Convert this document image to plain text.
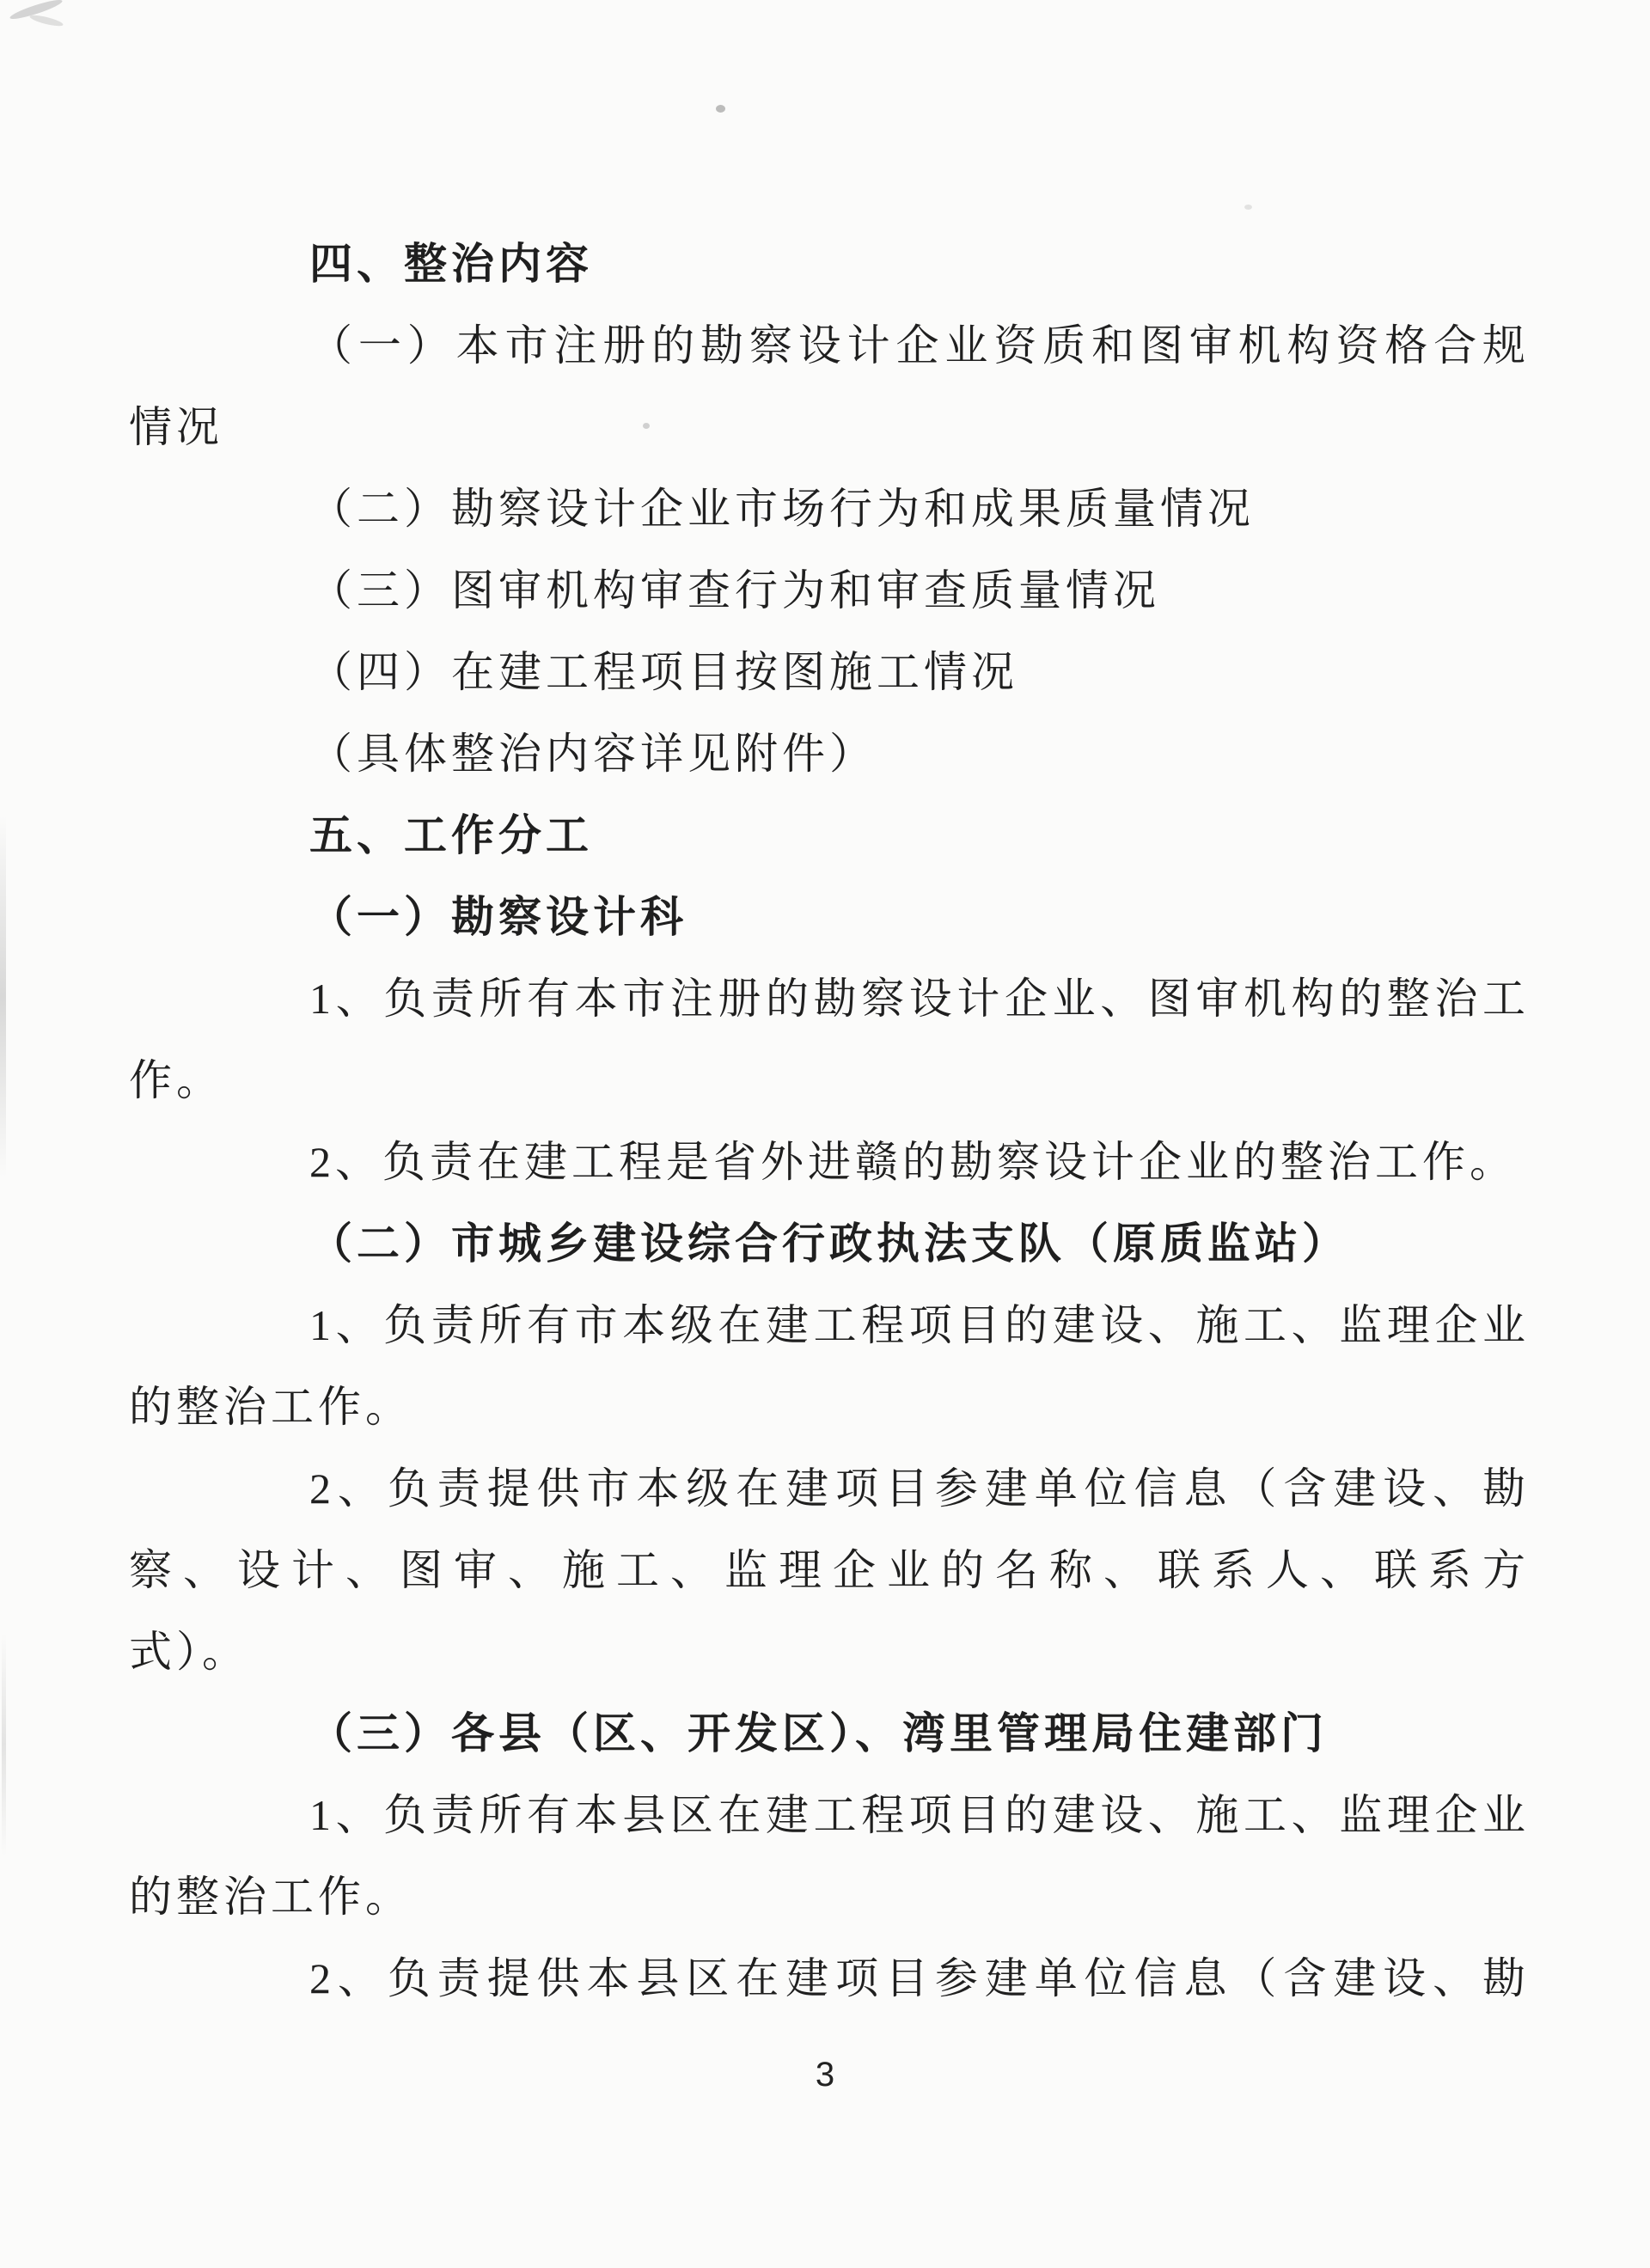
四、整治内容
（一）本市注册的勘察设计企业资质和图审机构资格合规
情况
（二）勘察设计企业市场行为和成果质量情况
（三）图审机构审查行为和审查质量情况
（四）在建工程项目按图施工情况
（具体整治内容详见附件）
五、工作分工
（一）勘察设计科
1、负责所有本市注册的勘察设计企业、图审机构的整治工
作。
2、负责在建工程是省外进赣的勘察设计企业的整治工作。
（二）市城乡建设综合行政执法支队（原质监站）
1、负责所有市本级在建工程项目的建设、施工、监理企业
的整治工作。
2、负责提供市本级在建项目参建单位信息（含建设、勘
察、设计、图审、施工、监理企业的名称、联系人、联系方
式）。
（三）各县（区、开发区）、湾里管理局住建部门
1、负责所有本县区在建工程项目的建设、施工、监理企业
的整治工作。
2、负责提供本县区在建项目参建单位信息（含建设、勘
3
